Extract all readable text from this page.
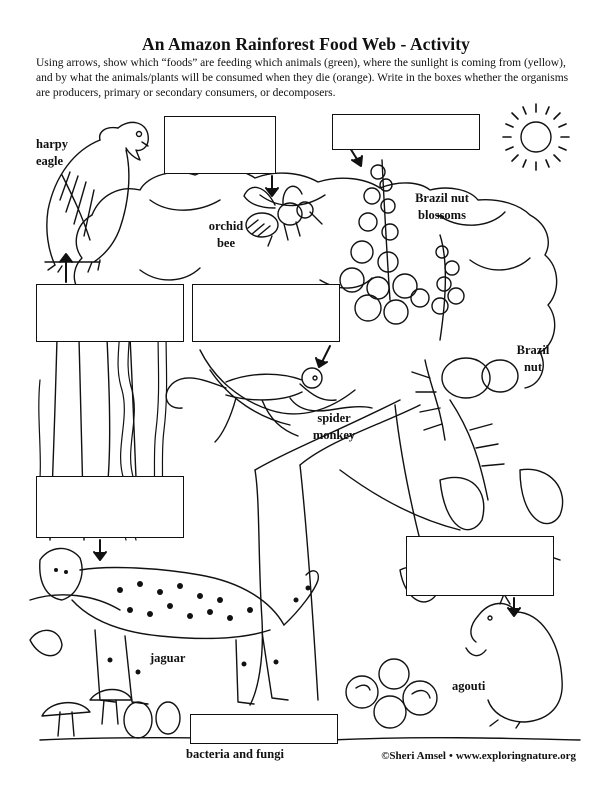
An Amazon Rainforest Food Web - Activity
Using arrows, show which “foods” are feeding which animals (green), where the sunlight is coming from (yellow), and by what the animals/plants will be consumed when they die (orange). Write in the boxes whether the organisms are producers, primary or secondary consumers, or decomposers.
harpy
eagle
orchid
bee
Brazil nut
blossoms
Brazil
nut
spider
monkey
jaguar
agouti
bacteria and fungi	©Sheri Amsel • www.exploringnature.org
